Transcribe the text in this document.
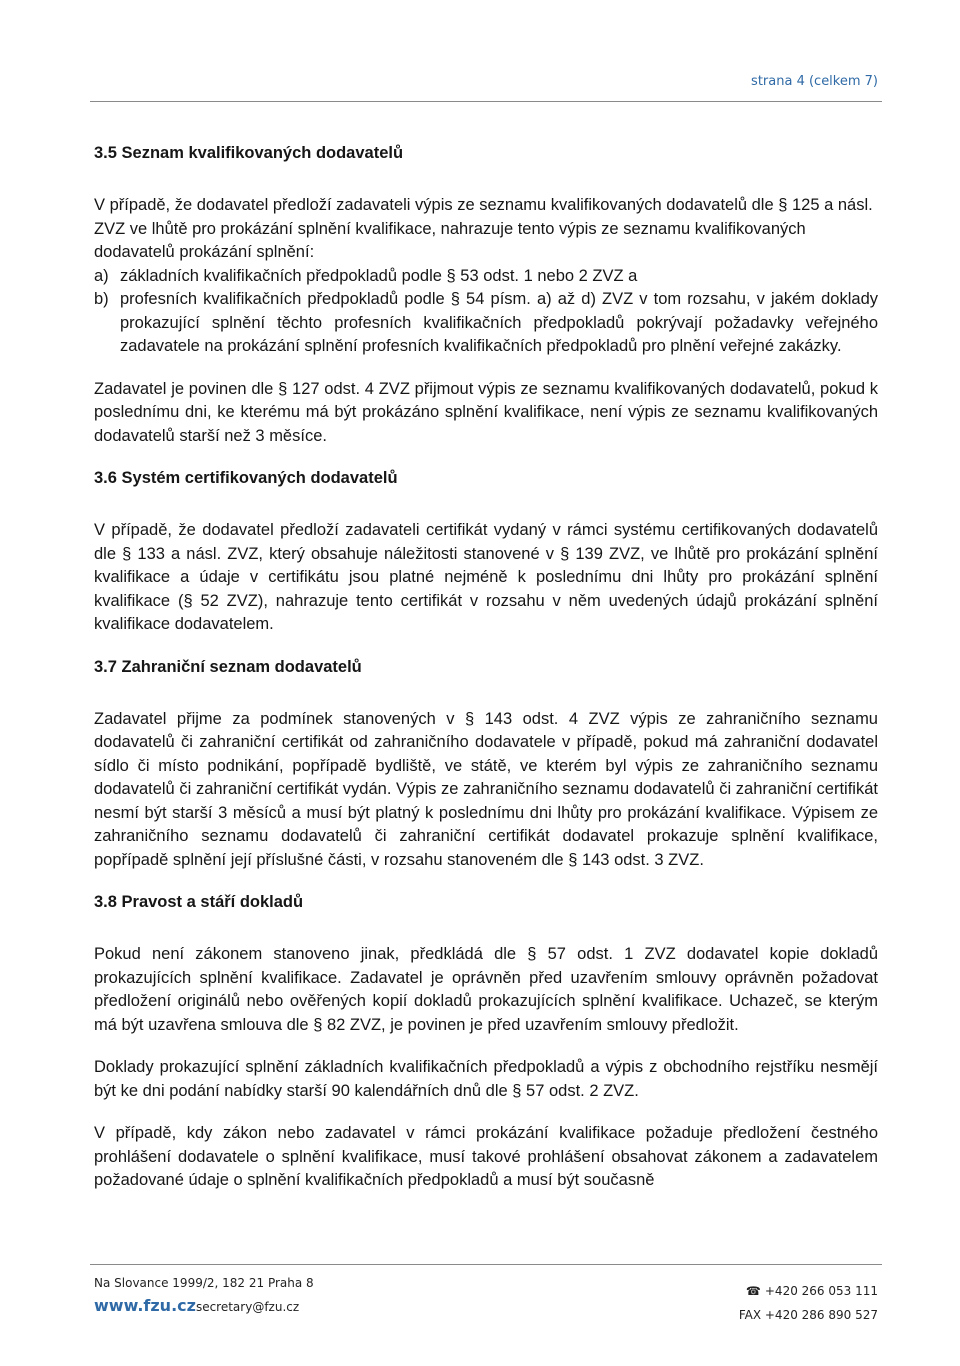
strana 4 (celkem 7)
3.5 Seznam kvalifikovaných dodavatelů

V případě, že dodavatel předloží zadavateli výpis ze seznamu kvalifikovaných dodavatelů dle § 125 a násl. ZVZ ve lhůtě pro prokázání splnění kvalifikace, nahrazuje tento výpis ze seznamu kvalifikovaných dodavatelů prokázání splnění:

a) základních kvalifikačních předpokladů podle § 53 odst. 1 nebo 2 ZVZ a
b) profesních kvalifikačních předpokladů podle § 54 písm. a) až d) ZVZ v tom rozsahu, v jakém doklady prokazující splnění těchto profesních kvalifikačních předpokladů pokrývají požadavky veřejného zadavatele na prokázání splnění profesních kvalifikačních předpokladů pro plnění veřejné zakázky.

Zadavatel je povinen dle § 127 odst. 4 ZVZ přijmout výpis ze seznamu kvalifikovaných dodavatelů, pokud k poslednímu dni, ke kterému má být prokázáno splnění kvalifikace, není výpis ze seznamu kvalifikovaných dodavatelů starší než 3 měsíce.

3.6 Systém certifikovaných dodavatelů

V případě, že dodavatel předloží zadavateli certifikát vydaný v rámci systému certifikovaných dodavatelů dle § 133 a násl. ZVZ, který obsahuje náležitosti stanovené v § 139 ZVZ, ve lhůtě pro prokázání splnění kvalifikace a údaje v certifikátu jsou platné nejméně k poslednímu dni lhůty pro prokázání splnění kvalifikace (§ 52 ZVZ), nahrazuje tento certifikát v rozsahu v něm uvedených údajů prokázání splnění kvalifikace dodavatelem.

3.7 Zahraniční seznam dodavatelů

Zadavatel přijme za podmínek stanovených v § 143 odst. 4 ZVZ výpis ze zahraničního seznamu dodavatelů či zahraniční certifikát od zahraničního dodavatele v případě, pokud má zahraniční dodavatel sídlo či místo podnikání, popřípadě bydliště, ve státě, ve kterém byl výpis ze zahraničního seznamu dodavatelů či zahraniční certifikát vydán. Výpis ze zahraničního seznamu dodavatelů či zahraniční certifikát nesmí být starší 3 měsíců a musí být platný k poslednímu dni lhůty pro prokázání kvalifikace. Výpisem ze zahraničního seznamu dodavatelů či zahraniční certifikát dodavatel prokazuje splnění kvalifikace, popřípadě splnění její příslušné části, v rozsahu stanoveném dle § 143 odst. 3 ZVZ.

3.8 Pravost a stáří dokladů

Pokud není zákonem stanoveno jinak, předkládá dle § 57 odst. 1 ZVZ dodavatel kopie dokladů prokazujících splnění kvalifikace. Zadavatel je oprávněn před uzavřením smlouvy oprávněn požadovat předložení originálů nebo ověřených kopií dokladů prokazujících splnění kvalifikace. Uchazeč, se kterým má být uzavřena smlouva dle § 82 ZVZ, je povinen je před uzavřením smlouvy předložit.

Doklady prokazující splnění základních kvalifikačních předpokladů a výpis z obchodního rejstříku nesmějí být ke dni podání nabídky starší 90 kalendářních dnů dle § 57 odst. 2 ZVZ.

V případě, kdy zákon nebo zadavatel v rámci prokázání kvalifikace požaduje předložení čestného prohlášení dodavatele o splnění kvalifikace, musí takové prohlášení obsahovat zákonem a zadavatelem požadované údaje o splnění kvalifikačních předpokladů a musí být současně

Na Slovance 1999/2, 182 21 Praha 8
www.fzu.czsecretary@fzu.cz
☎ +420 266 053 111
FAX +420 286 890 527
